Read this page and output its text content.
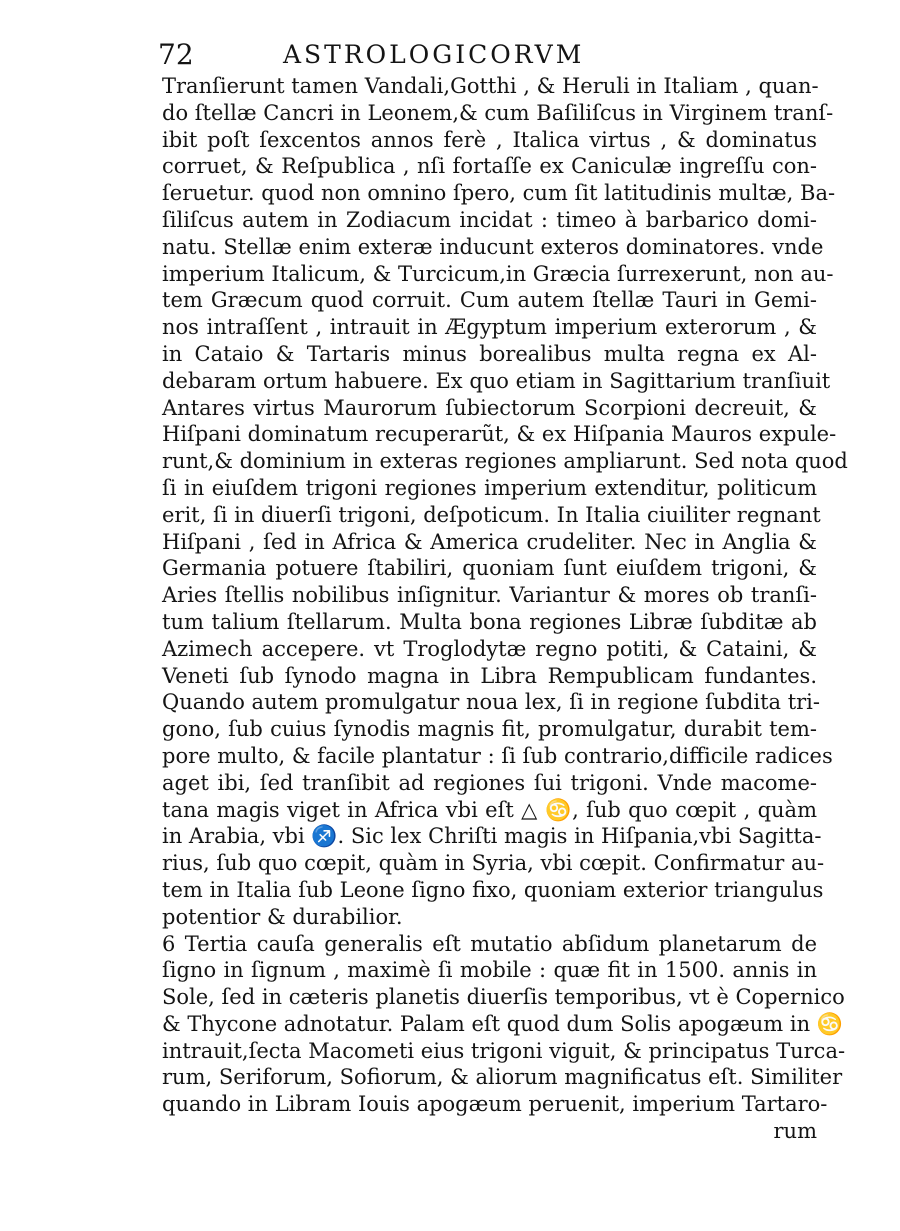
72	ASTROLOGICORVM
Tranſierunt tamen Vandali,Gotthi , & Heruli in Italiam , quan-
do ſtellæ Cancri in Leonem,& cum Baſiliſcus in Virginem tranſ-
ibit poſt ſexcentos annos ferè , Italica virtus , & dominatus
corruet, & Reſpublica , nſi fortaſſe ex Caniculæ ingreſſu con-
ſeruetur. quod non omnino ſpero, cum ſit latitudinis multæ, Ba-
ſiliſcus autem in Zodiacum incidat : timeo à barbarico domi-
natu. Stellæ enim exteræ inducunt exteros dominatores. vnde
imperium Italicum, & Turcicum,in Græcia ſurrexerunt, non au-
tem Græcum quod corruit. Cum autem ſtellæ Tauri in Gemi-
nos intraſſent , intrauit in Ægyptum imperium exterorum , &
in Cataio & Tartaris minus borealibus multa regna ex Al-
debaram ortum habuere. Ex quo etiam in Sagittarium tranſiuit
Antares virtus Maurorum ſubiectorum Scorpioni decreuit, &
Hiſpani dominatum recuperarũt, & ex Hiſpania Mauros expule-
runt,& dominium in exteras regiones ampliarunt. Sed nota quod
ſi in eiuſdem trigoni regiones imperium extenditur, politicum
erit, ſi in diuerſi trigoni, deſpoticum. In Italia ciuiliter regnant
Hiſpani , ſed in Africa & America crudeliter. Nec in Anglia &
Germania potuere ſtabiliri, quoniam ſunt eiuſdem trigoni, &
Aries ſtellis nobilibus inſignitur. Variantur & mores ob tranſi-
tum talium ſtellarum. Multa bona regiones Libræ ſubditæ ab
Azimech accepere. vt Troglodytæ regno potiti, & Cataini, &
Veneti ſub ſynodo magna in Libra Rempublicam fundantes.
Quando autem promulgatur noua lex, ſi in regione ſubdita tri-
gono, ſub cuius ſynodis magnis fit, promulgatur, durabit tem-
pore multo, & facile plantatur : ſi ſub contrario,difficile radices
aget ibi, ſed tranſibit ad regiones ſui trigoni. Vnde macome-
tana magis viget in Africa vbi eſt △ ♋, ſub quo cœpit , quàm
in Arabia, vbi ♐. Sic lex Chriſti magis in Hiſpania,vbi Sagitta-
rius, ſub quo cœpit, quàm in Syria, vbi cœpit. Confirmatur au-
tem in Italia ſub Leone ſigno fixo, quoniam exterior triangulus
potentior & durabilior.
6 Tertia cauſa generalis eſt mutatio abſidum planetarum de
ſigno in ſignum , maximè ſi mobile : quæ fit in 1500. annis in
Sole, ſed in cæteris planetis diuerſis temporibus, vt è Copernico
& Thycone adnotatur. Palam eſt quod dum Solis apogæum in ♋
intrauit,ſecta Macometi eius trigoni viguit, & principatus Turca-
rum, Seriforum, Sofiorum, & aliorum magnificatus eſt. Similiter
quando in Libram Iouis apogæum peruenit, imperium Tartaro-
rum
